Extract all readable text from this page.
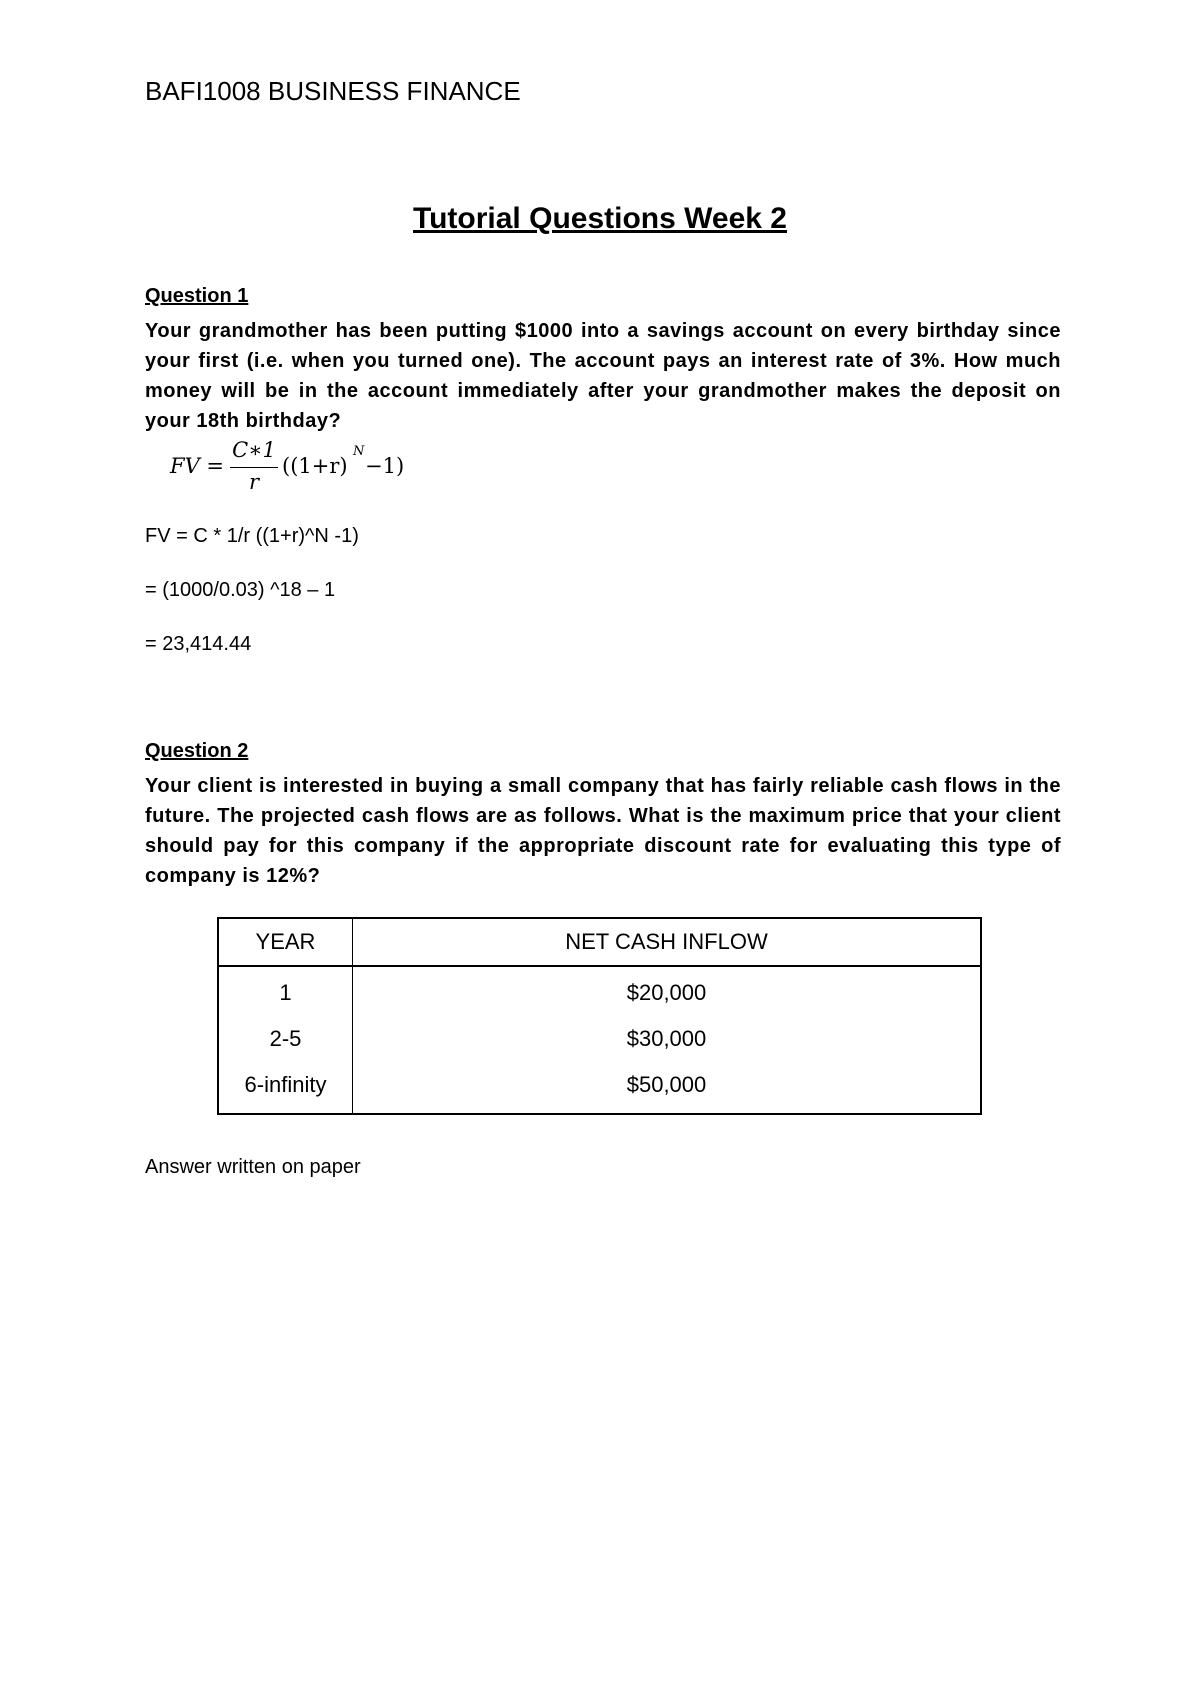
BAFI1008 BUSINESS FINANCE
Tutorial Questions Week 2
Question 1
Your grandmother has been putting $1000 into a savings account on every birthday since your first (i.e. when you turned one). The account pays an interest rate of 3%. How much money will be in the account immediately after your grandmother makes the deposit on your 18th birthday?
FV =
C∗1
r
((1+r)
N
−1)
FV = C * 1/r ((1+r)^N -1)
= (1000/0.03) ^18 – 1
= 23,414.44
Question 2
Your client is interested in buying a small company that has fairly reliable cash flows in the future. The projected cash flows are as follows. What is the maximum price that your client should pay for this company if the appropriate discount rate for evaluating this type of company is 12%?
YEAR	NET CASH INFLOW
1	$20,000
2-5	$30,000
6-infinity	$50,000
Answer written on paper
